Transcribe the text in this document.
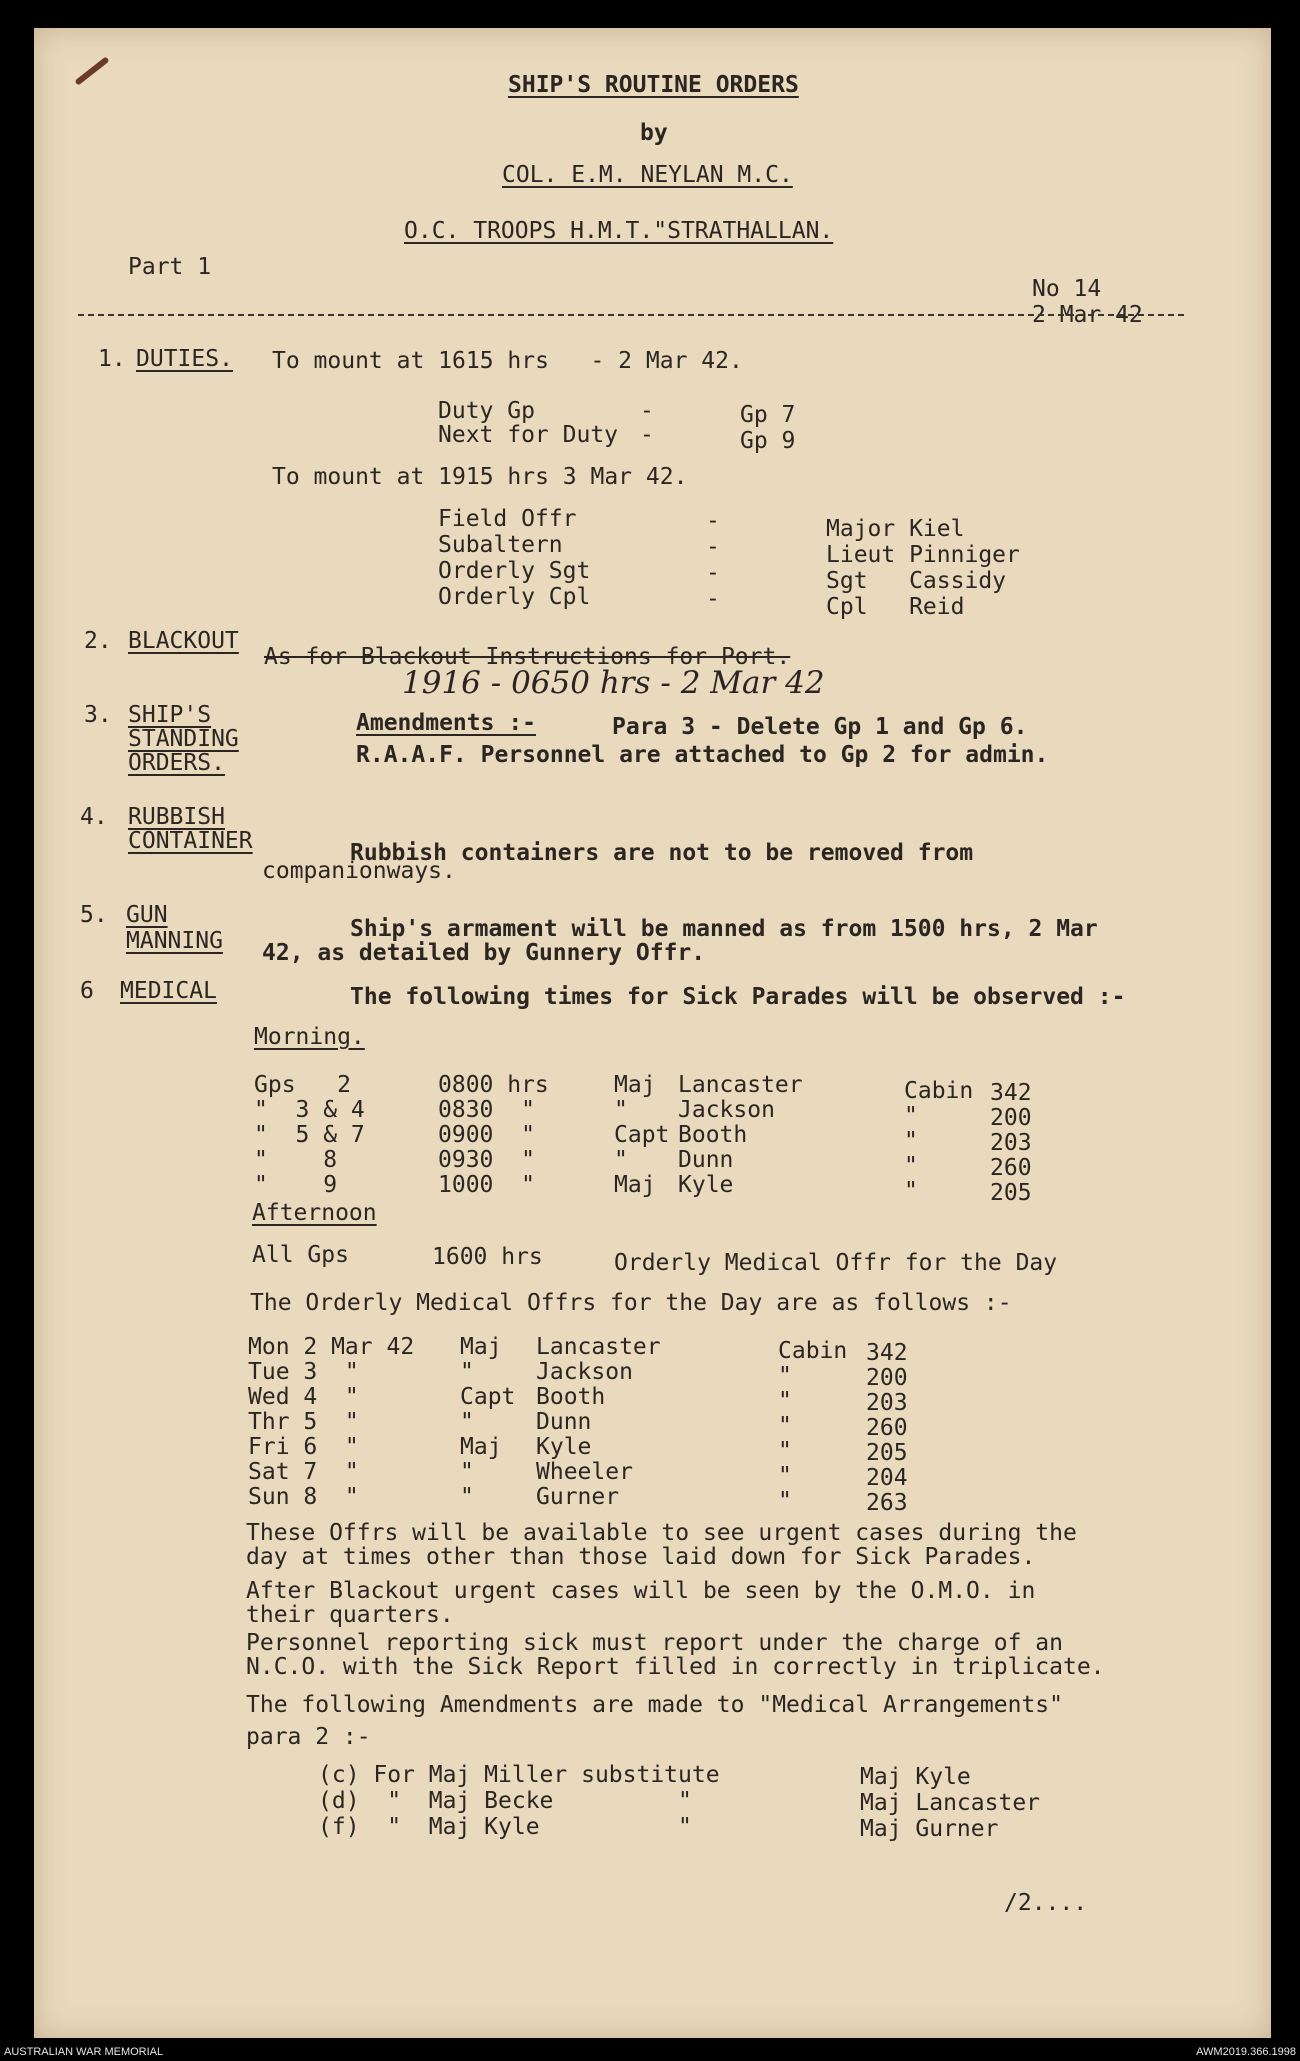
SHIP'S ROUTINE ORDERS
by
COL. E.M. NEYLAN M.C.
O.C. TROOPS H.M.T."STRATHALLAN.
Part 1
No 14
2 Mar 42
1. DUTIES. To mount at 1615 hrs   - 2 Mar 42.
Duty Gp	-	Gp 7
Next for Duty -	Gp 9
To mount at 1915 hrs 3 Mar 42.
Field Offr	-	Major Kiel
Subaltern	-	Lieut Pinniger
Orderly Sgt	-	Sgt   Cassidy
Orderly Cpl	-	Cpl   Reid
2. BLACKOUT
As for Blackout Instructions for Port.
1916 - 0650 hrs - 2 Mar 42
3. SHIP'S
STANDING
ORDERS.
Amendments :-	Para 3 - Delete Gp 1 and Gp 6.
R.A.A.F. Personnel are attached to Gp 2 for admin.
4. RUBBISH
CONTAINER	Rubbish containers are not to be removed from
companionways.
5. GUN
MANNING	Ship's armament will be manned as from 1500 hrs, 2 Mar
42, as detailed by Gunnery Offr.
6 MEDICAL	The following times for Sick Parades will be observed :-
Morning.
Gps   2	0800 hrs	Maj Lancaster	Cabin 342
"  3 & 4	0830  "	" Jackson	"	200
"  5 & 7	0900  "	Capt Booth	"	203
"    8	0930  "	" Dunn	"	260
"    9	1000  "	Maj Kyle	"	205
Afternoon
All Gps	1600 hrs	Orderly Medical Offr for the Day
The Orderly Medical Offrs for the Day are as follows :-
Mon 2 Mar 42 Maj Lancaster	Cabin 342
Tue 3  "	"	Jackson	"	200
Wed 4  "	Capt Booth	"	203
Thr 5  "	"	Dunn	"	260
Fri 6  "	Maj Kyle	"	205
Sat 7  "	"	Wheeler	"	204
Sun 8  "	"	Gurner	"	263
These Offrs will be available to see urgent cases during the
day at times other than those laid down for Sick Parades.
After Blackout urgent cases will be seen by the O.M.O. in
their quarters.
Personnel reporting sick must report under the charge of an
N.C.O. with the Sick Report filled in correctly in triplicate.
The following Amendments are made to "Medical Arrangements"
para 2 :-
(c) For Maj Miller substitute	Maj Kyle
(d)  "  Maj Becke         "	Maj Lancaster
(f)  "  Maj Kyle          "	Maj Gurner
/2....
AUSTRALIAN WAR MEMORIAL	AWM2019.366.1998
